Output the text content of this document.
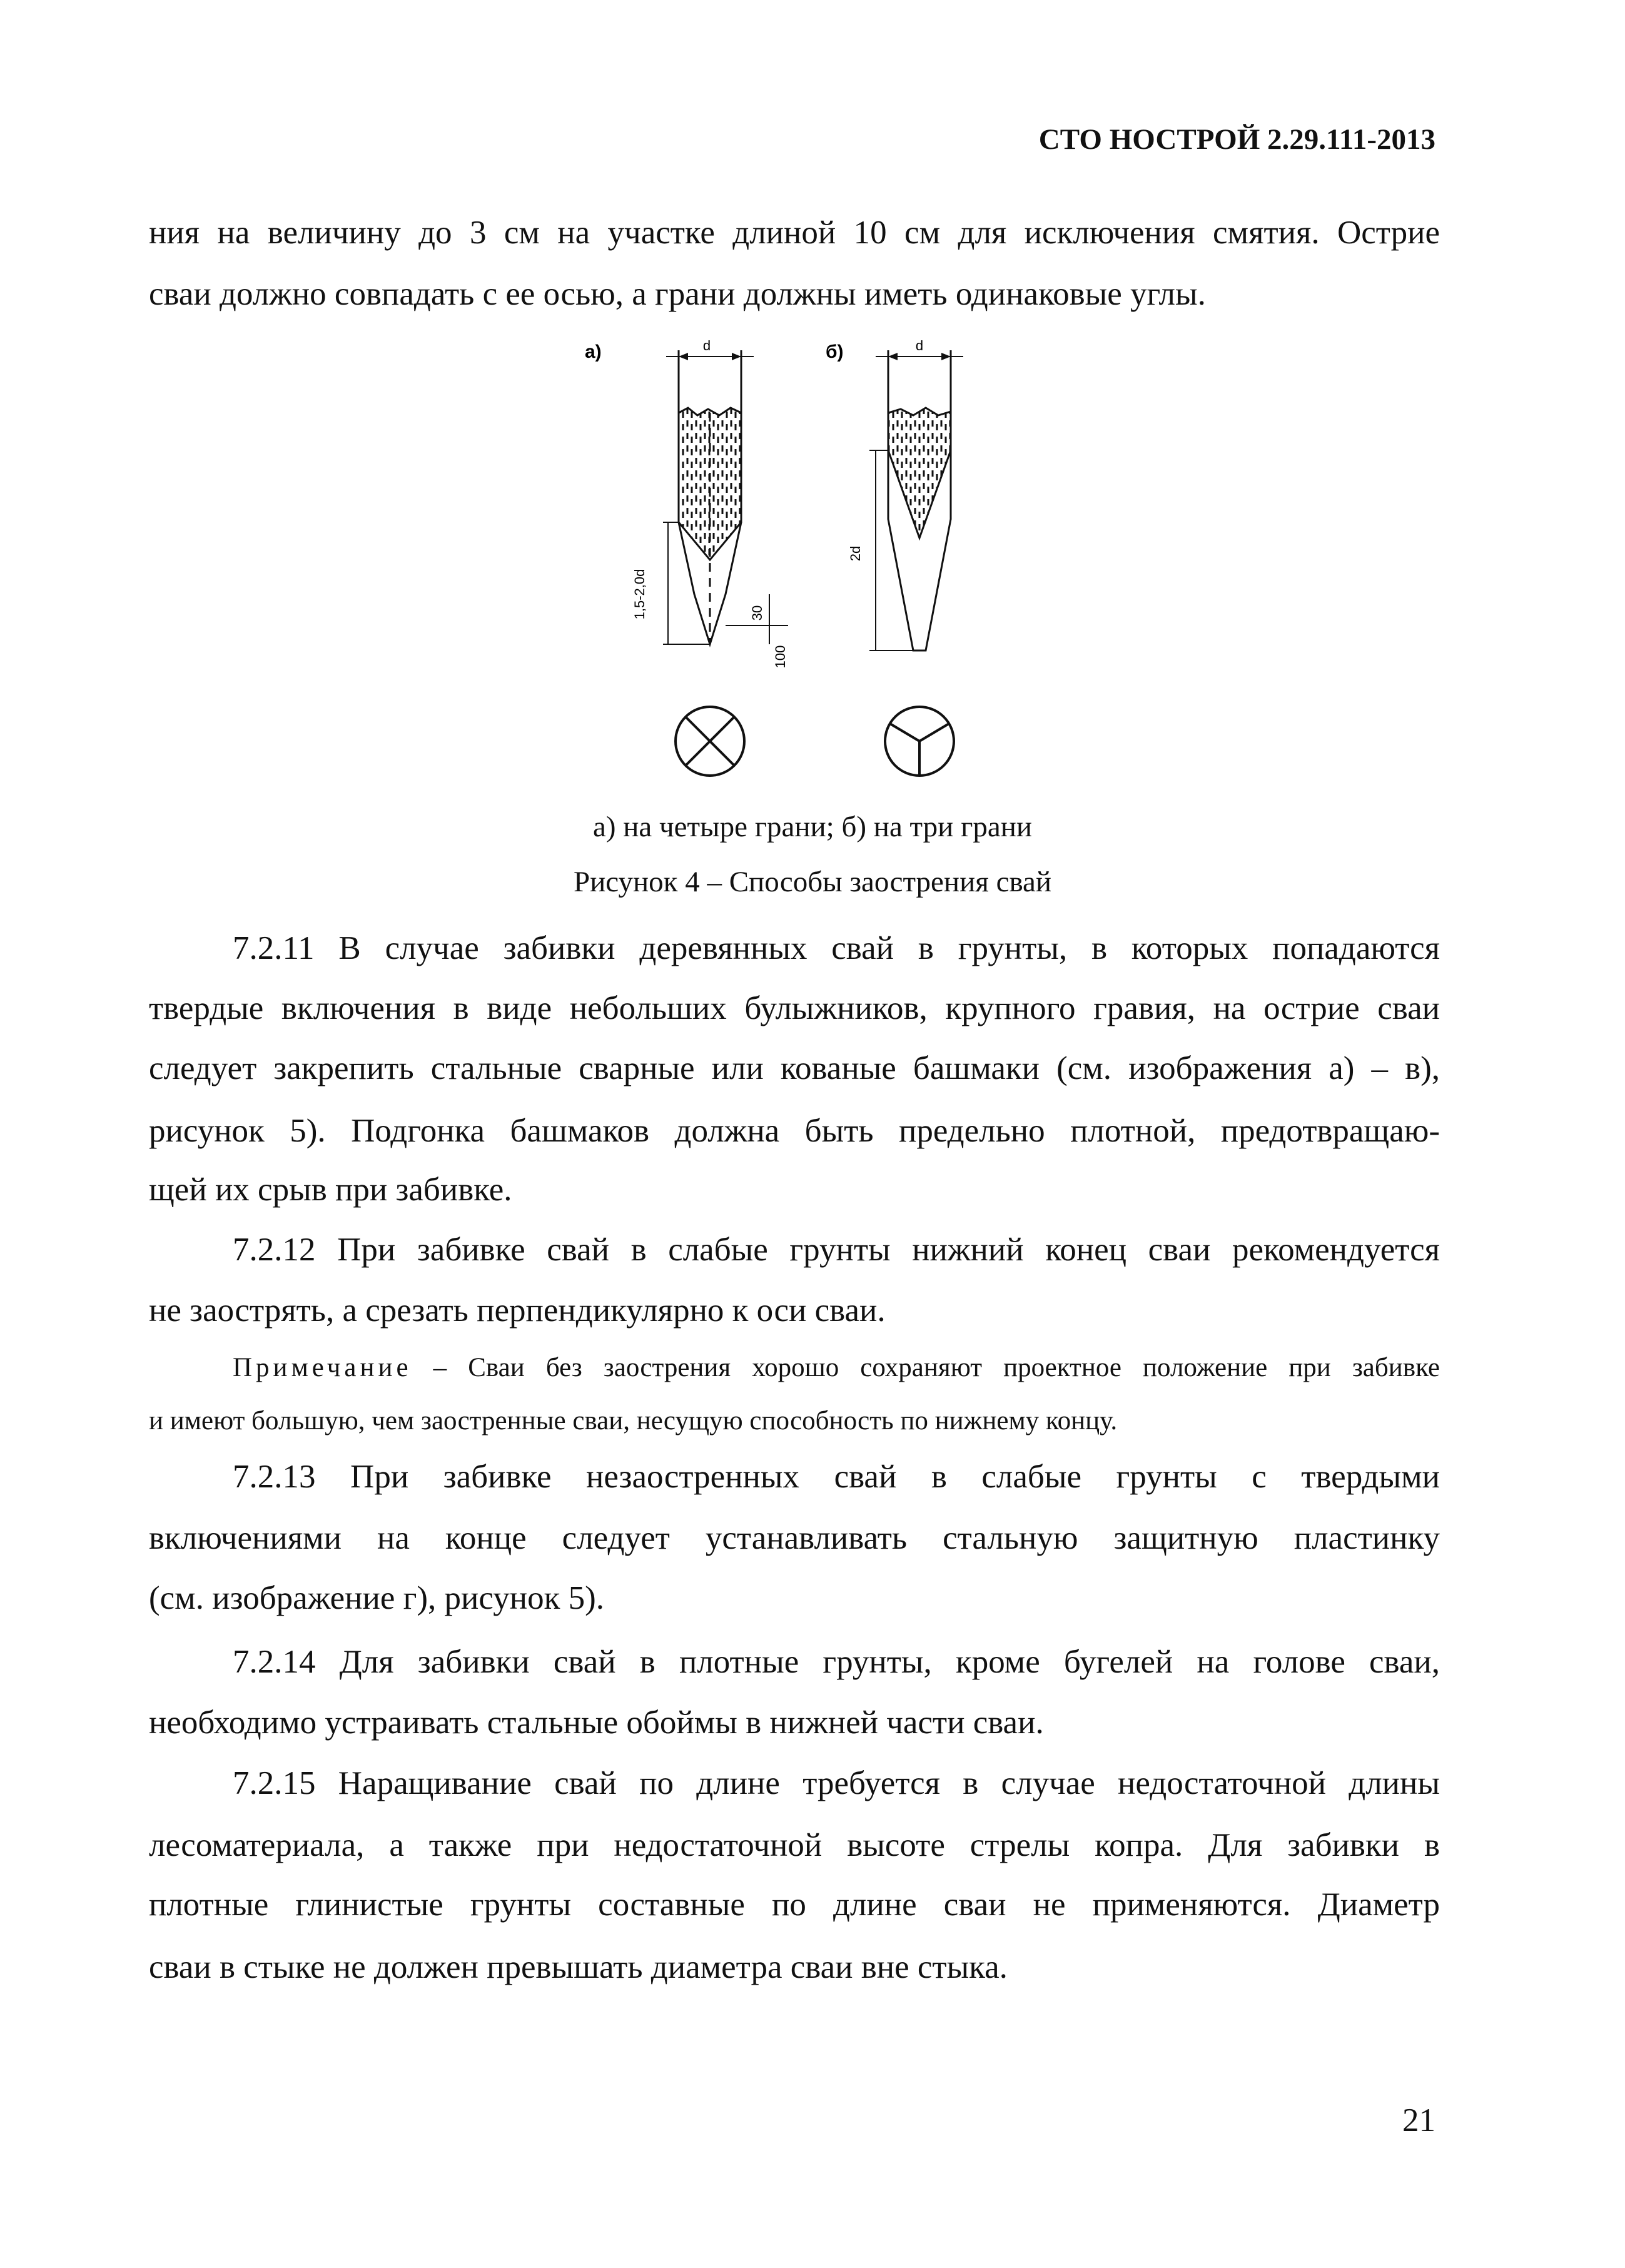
СТО НОСТРОЙ 2.29.111-2013
ния на величину до 3 см на участке длиной 10 см для исключения смятия. Острие
сваи должно совпадать с ее осью, а грани должны иметь одинаковые углы.
а)	d
1,5-2,0d	30
100
б)	d
2d
а) на четыре грани; б) на три грани
Рисунок 4 – Способы заострения свай
7.2.11 В случае забивки деревянных свай в грунты, в которых попадаются
твердые включения в виде небольших булыжников, крупного гравия, на острие сваи
следует закрепить стальные сварные или кованые башмаки (см. изображения а) – в),
рисунок 5). Подгонка башмаков должна быть предельно плотной, предотвращаю-
щей их срыв при забивке.
7.2.12 При забивке свай в слабые грунты нижний конец сваи рекомендуется
не заострять, а срезать перпендикулярно к оси сваи.
Примечание – Сваи без заострения хорошо сохраняют проектное положение при забивке
и имеют большую, чем заостренные сваи, несущую способность по нижнему концу.
7.2.13 При забивке незаостренных свай в слабые грунты с твердыми
включениями на конце следует устанавливать стальную защитную пластинку
(см. изображение г), рисунок 5).
7.2.14 Для забивки свай в плотные грунты, кроме бугелей на голове сваи,
необходимо устраивать стальные обоймы в нижней части сваи.
7.2.15 Наращивание свай по длине требуется в случае недостаточной длины
лесоматериала, а также при недостаточной высоте стрелы копра. Для забивки в
плотные глинистые грунты составные по длине сваи не применяются. Диаметр
сваи в стыке не должен превышать диаметра сваи вне стыка.
21
